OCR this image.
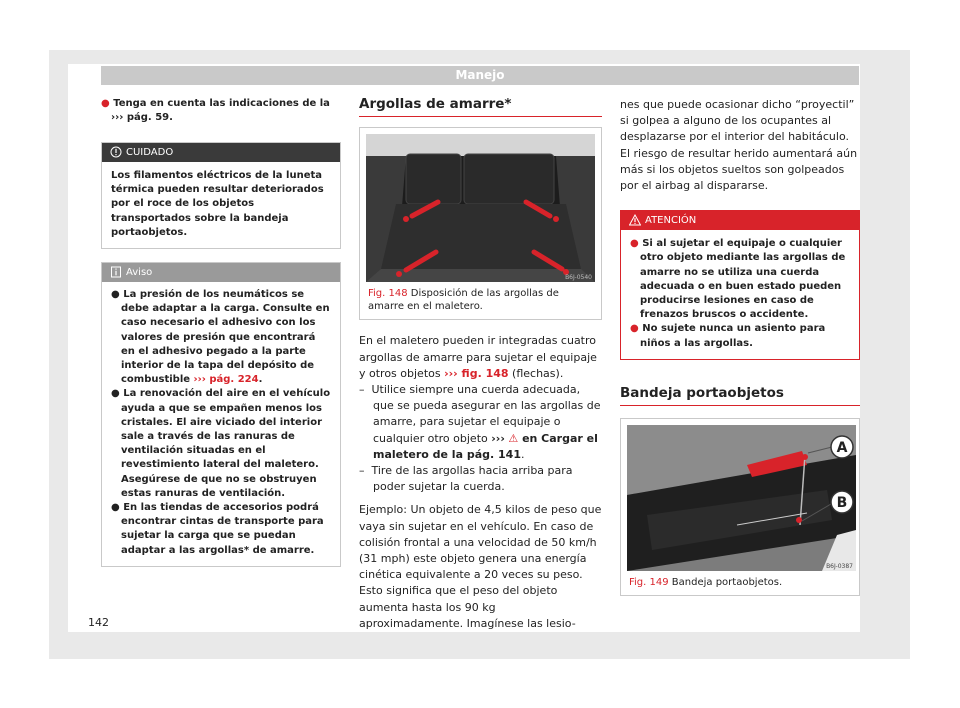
Manejo

● Tenga en cuenta las indicaciones de la
››› pág. 59.

CUIDADO
Los filamentos eléctricos de la luneta térmica pueden resultar deteriorados por el roce de los objetos transportados sobre la bandeja portaobjetos.
Aviso

● La presión de los neumáticos se debe adaptar a la carga. Consulte en caso necesario el adhesivo con los valores de presión que encontrará en el adhesivo pegado a la parte interior de la tapa del depósito de combustible ››› pág. 224.

● La renovación del aire en el vehículo ayuda a que se empañen menos los cristales. El aire viciado del interior sale a través de las ranuras de ventilación situadas en el revestimiento lateral del maletero. Asegúrese de que no se obstruyen estas ranuras de ventilación.

● En las tiendas de accesorios podrá encontrar cintas de transporte para sujetar la carga que se puedan adaptar a las argollas* de amarre.

Argollas de amarre*
B6J-0540
Fig. 148 Disposición de las argollas de amarre en el maletero.

En el maletero pueden ir integradas cuatro argollas de amarre para sujetar el equipaje y otros objetos ››› fig. 148 (flechas).

–  Utilice siempre una cuerda adecuada, que se pueda asegurar en las argollas de amarre, para sujetar el equipaje o cualquier otro objeto ››› ⚠ en Cargar el maletero de la pág. 141.

–  Tire de las argollas hacia arriba para poder sujetar la cuerda.

Ejemplo: Un objeto de 4,5 kilos de peso que vaya sin sujetar en el vehículo. En caso de colisión frontal a una velocidad de 50 km/h (31 mph) este objeto genera una energía cinética equivalente a 20 veces su peso. Esto significa que el peso del objeto aumenta hasta los 90 kg aproximadamente. Imagínese las lesio-

nes que puede ocasionar dicho “proyectil” si golpea a alguno de los ocupantes al desplazarse por el interior del habitáculo. El riesgo de resultar herido aumentará aún más si los objetos sueltos son golpeados por el airbag al dispararse.

ATENCIÓN

● Si al sujetar el equipaje o cualquier otro objeto mediante las argollas de amarre no se utiliza una cuerda adecuada o en buen estado pueden producirse lesiones en caso de frenazos bruscos o accidente.

● No sujete nunca un asiento para niños a las argollas.

Bandeja portaobjetos
A
B
B6J-0387
Fig. 149 Bandeja portaobjetos.
142
